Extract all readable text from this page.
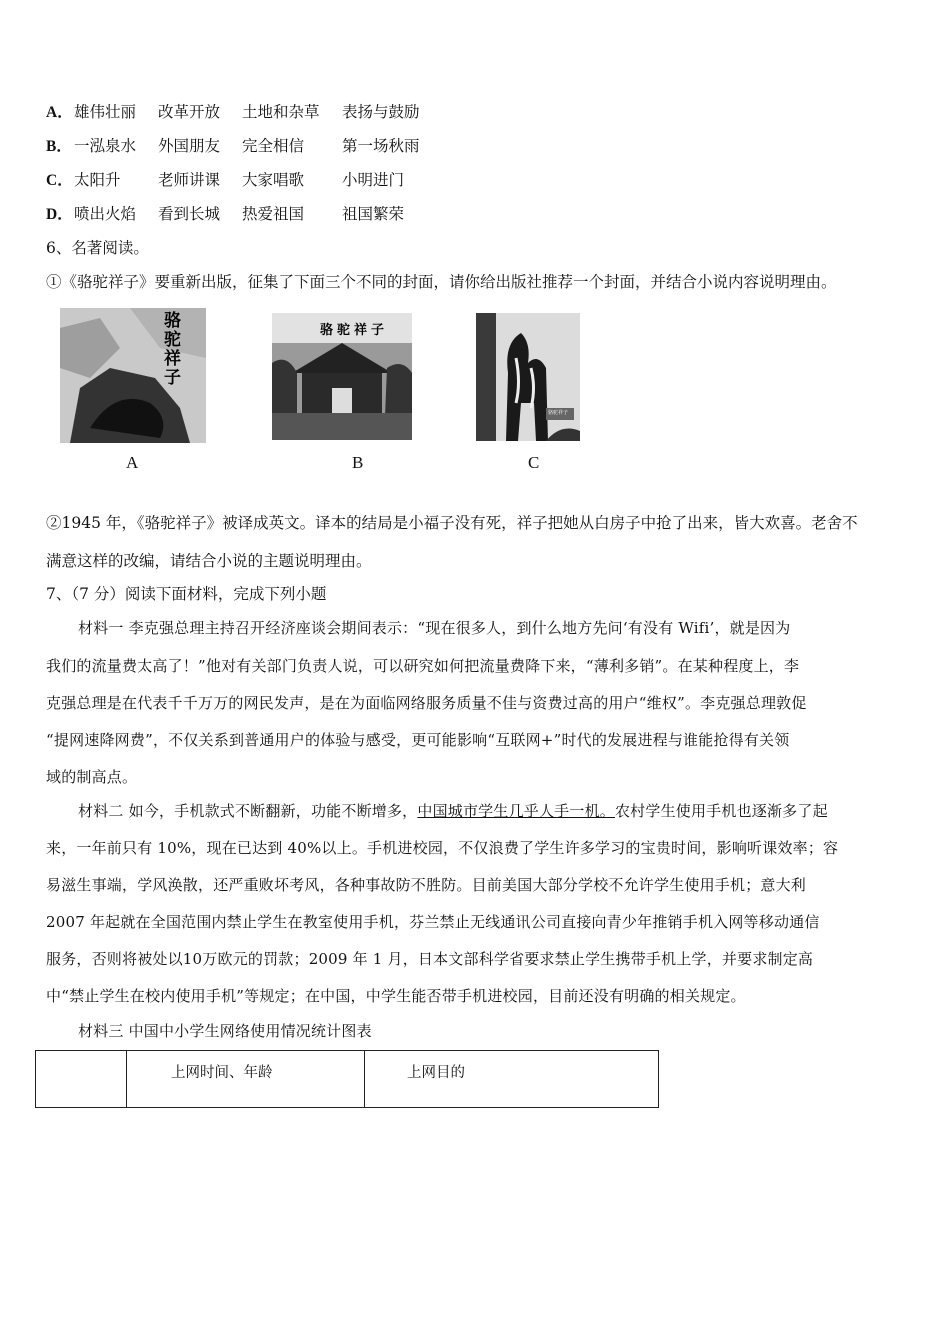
A．雄伟壮丽 改革开放 土地和杂草 表扬与鼓励
B． 一泓泉水 外国朋友 完全相信 第一场秋雨
C．太阳升 老师讲课 大家唱歌 小明进门
D．喷出火焰 看到长城 热爱祖国 祖国繁荣
6、名著阅读。
①《骆驼祥子》要重新出版，征集了下面三个不同的封面，请你给出版社推荐一个封面，并结合小说内容说明理由。
骆驼祥子
骆驼祥子
骆驼祥子
A	B	C
②1945 年，《骆驼祥子》被译成英文。译本的结局是小福子没有死，祥子把她从白房子中抢了出来，皆大欢喜。老舍不
满意这样的改编，请结合小说的主题说明理由。
7、（7 分）阅读下面材料，完成下列小题
材料一 李克强总理主持召开经济座谈会期间表示：“现在很多人，到什么地方先问‘有没有 Wifi’，就是因为
我们的流量费太高了！”他对有关部门负责人说，可以研究如何把流量费降下来，“薄利多销”。在某种程度上，李
克强总理是在代表千千万万的网民发声，是在为面临网络服务质量不佳与资费过高的用户“维权”。李克强总理敦促
“提网速降网费”，不仅关系到普通用户的体验与感受，更可能影响“互联网+”时代的发展进程与谁能抢得有关领
域的制高点。
材料二 如今，手机款式不断翻新，功能不断增多，中国城市学生几乎人手一机。农村学生使用手机也逐渐多了起
来，一年前只有 10%，现在已达到 40%以上。手机进校园，不仅浪费了学生许多学习的宝贵时间，影响听课效率；容
易滋生事端，学风涣散，还严重败坏考风，各种事故防不胜防。目前美国大部分学校不允许学生使用手机；意大利
2007 年起就在全国范围内禁止学生在教室使用手机，芬兰禁止无线通讯公司直接向青少年推销手机入网等移动通信
服务，否则将被处以10万欧元的罚款；2009 年 1 月，日本文部科学省要求禁止学生携带手机上学，并要求制定高
中“禁止学生在校内使用手机”等规定；在中国，中学生能否带手机进校园，目前还没有明确的相关规定。
材料三 中国中小学生网络使用情况统计图表
	上网时间、年龄	上网目的
